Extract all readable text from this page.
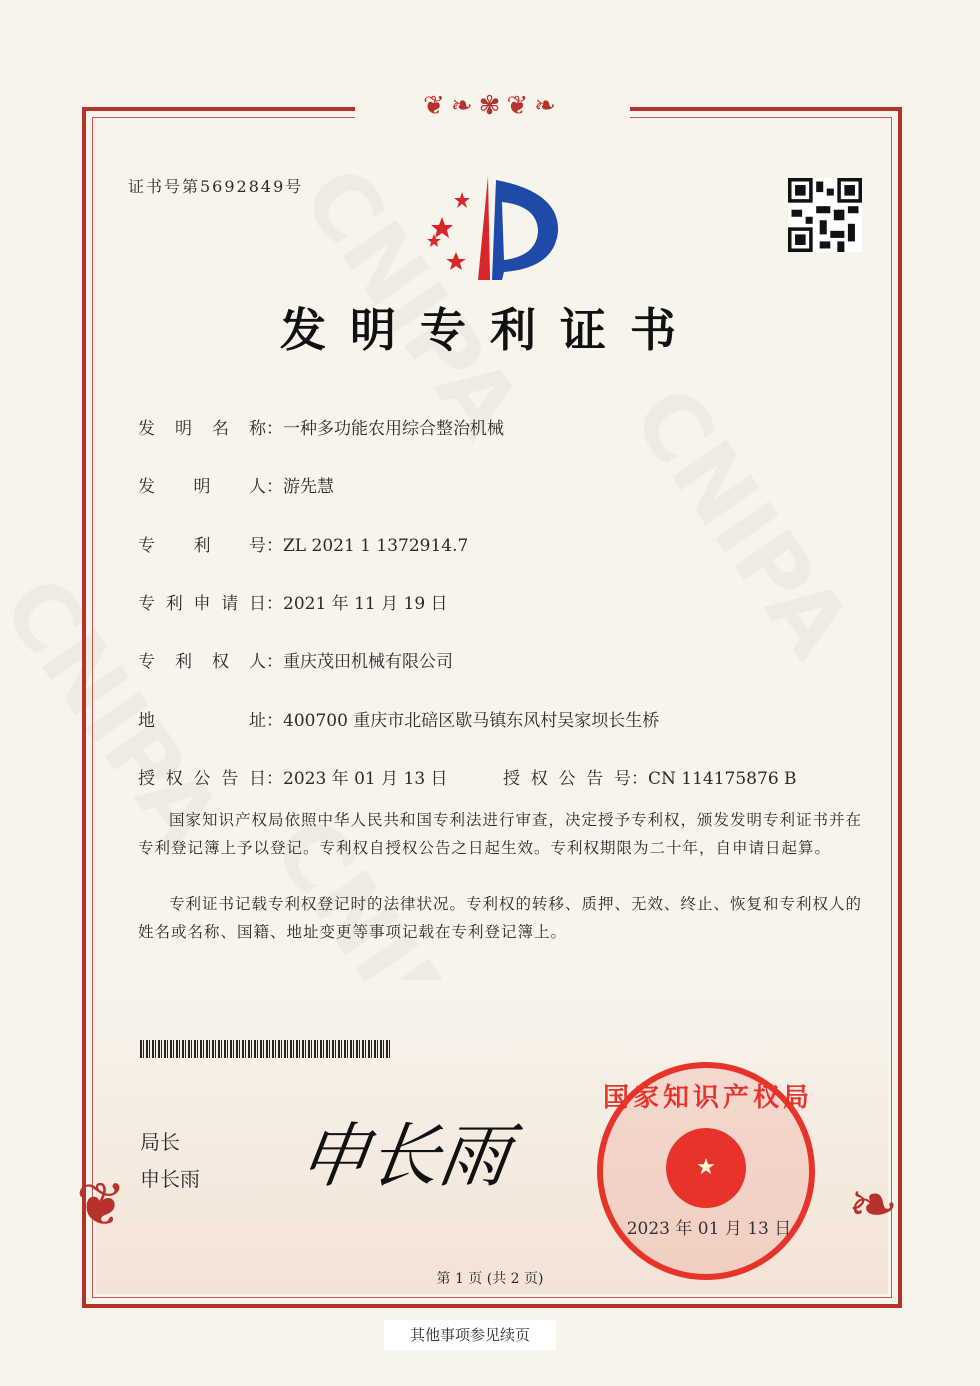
❦❧✾❦❧
❦	❧
证书号第5692849号
发明专利证书
发明名称：一种多功能农用综合整治机械
发明人：游先慧
专利号：ZL 2021 1 1372914.7
专利申请日：2021 年 11 月 19 日
专利权人：重庆茂田机械有限公司
地址：400700 重庆市北碚区歇马镇东风村吴家坝长生桥
授权公告日：2023 年 01 月 13 日	授权公告号：CN 114175876 B
国家知识产权局依照中华人民共和国专利法进行审查，决定授予专利权，颁发发明专利证书并在专利登记簿上予以登记。专利权自授权公告之日起生效。专利权期限为二十年，自申请日起算。
专利证书记载专利权登记时的法律状况。专利权的转移、质押、无效、终止、恢复和专利权人的姓名或名称、国籍、地址变更等事项记载在专利登记簿上。
局长
申长雨 申长雨	★
国家知识产权局
2023 年 01 月 13 日
第 1 页 (共 2 页)
其他事项参见续页
